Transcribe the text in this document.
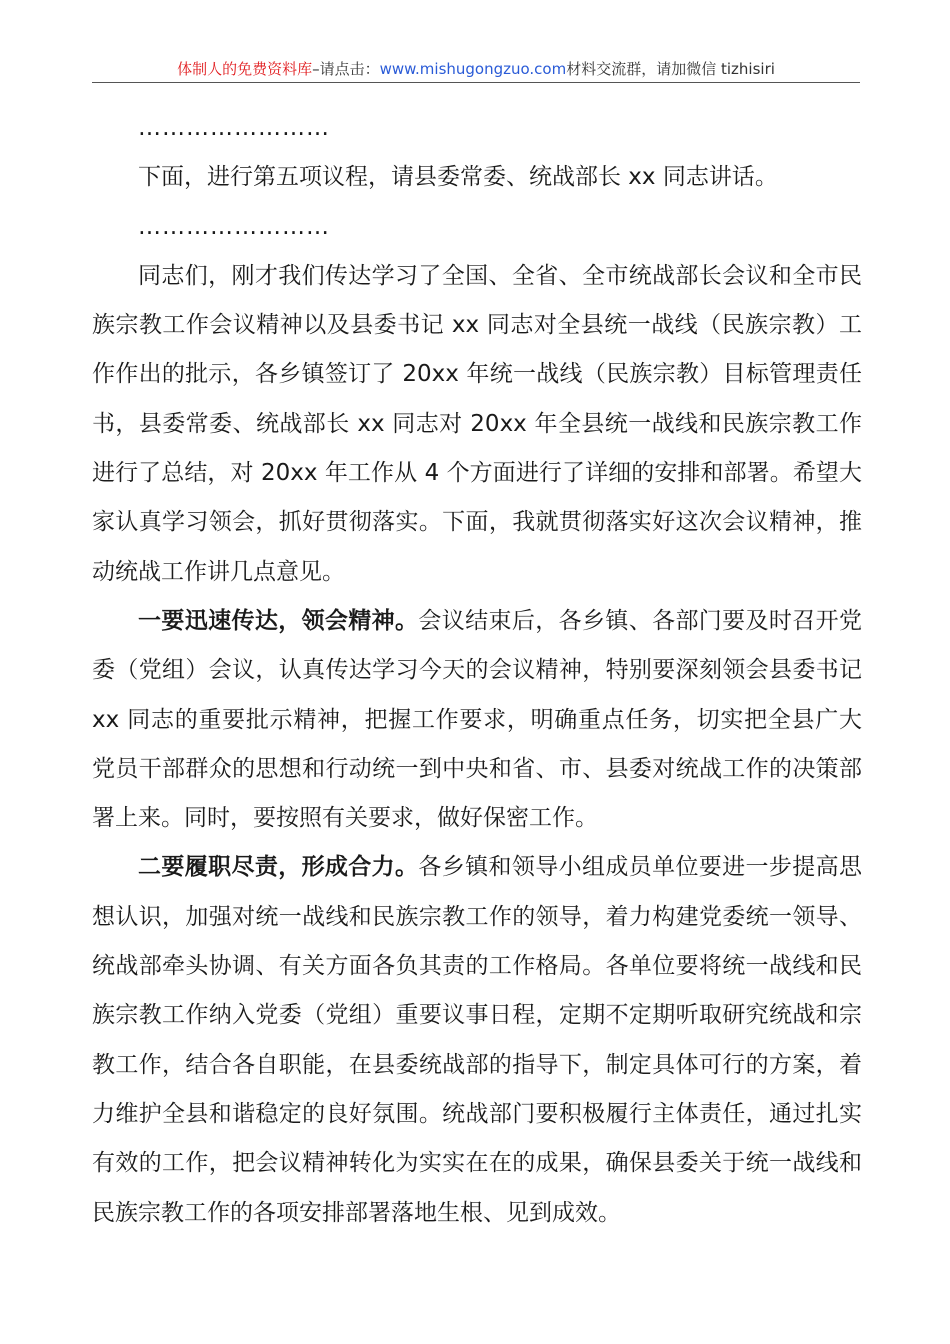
体制人的免费资料库–请点击：www.mishugongzuo.com材料交流群，请加微信 tizhisiri

……………………

下面，进行第五项议程，请县委常委、统战部长 xx 同志讲话。

……………………

同志们，刚才我们传达学习了全国、全省、全市统战部长会议和全市民族宗教工作会议精神以及县委书记 xx 同志对全县统一战线（民族宗教）工作作出的批示，各乡镇签订了 20xx 年统一战线（民族宗教）目标管理责任书，县委常委、统战部长 xx 同志对 20xx 年全县统一战线和民族宗教工作进行了总结，对 20xx 年工作从 4 个方面进行了详细的安排和部署。希望大家认真学习领会，抓好贯彻落实。下面，我就贯彻落实好这次会议精神，推动统战工作讲几点意见。

一要迅速传达，领会精神。会议结束后，各乡镇、各部门要及时召开党委（党组）会议，认真传达学习今天的会议精神，特别要深刻领会县委书记 xx 同志的重要批示精神，把握工作要求，明确重点任务，切实把全县广大党员干部群众的思想和行动统一到中央和省、市、县委对统战工作的决策部署上来。同时，要按照有关要求，做好保密工作。

二要履职尽责，形成合力。各乡镇和领导小组成员单位要进一步提高思想认识，加强对统一战线和民族宗教工作的领导，着力构建党委统一领导、统战部牵头协调、有关方面各负其责的工作格局。各单位要将统一战线和民族宗教工作纳入党委（党组）重要议事日程，定期不定期听取研究统战和宗教工作，结合各自职能，在县委统战部的指导下，制定具体可行的方案，着力维护全县和谐稳定的良好氛围。统战部门要积极履行主体责任，通过扎实有效的工作，把会议精神转化为实实在在的成果，确保县委关于统一战线和民族宗教工作的各项安排部署落地生根、见到成效。
